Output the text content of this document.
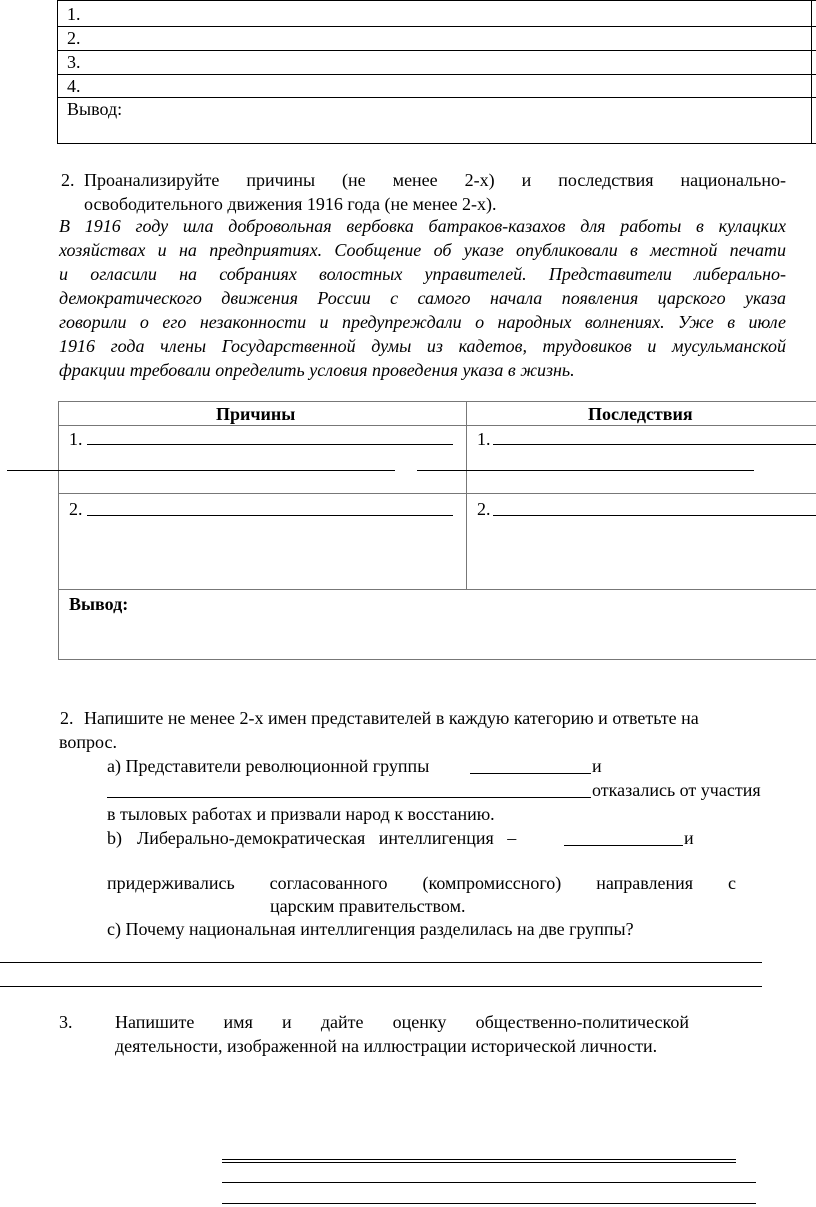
1.
2.
3.
4.
Вывод:
2. Проанализируйте причины (не менее 2-х) и последствия национально-
освободительного движения 1916 года (не менее 2-х).
В 1916 году шла добровольная вербовка батраков-казахов для работы в кулацких
хозяйствах и на предприятиях. Сообщение об указе опубликовали в местной печати
и огласили на собраниях волостных управителей. Представители либерально-
демократического движения России с самого начала появления царского указа
говорили о его незаконности и предупреждали о народных волнениях. Уже в июле
1916 года члены Государственной думы из кадетов, трудовиков и мусульманской
фракции требовали определить условия проведения указа в жизнь.
Причины	Последствия
1.	1.
2.	2.
Вывод:
2. Напишите не менее 2-х имен представителей в каждую категорию и ответьте на
вопрос.
а) Представители революционной группы	и
отказались от участия
в тыловых работах и призвали народ к восстанию.
b) Либерально-демократическая   интеллигенция   –	и
придерживались согласованного (компромиссного) направления с
царским правительством.
с) Почему национальная интеллигенция разделилась на две группы?
3. Напишите имя и дайте оценку общественно-политической
деятельности, изображенной на иллюстрации исторической личности.
